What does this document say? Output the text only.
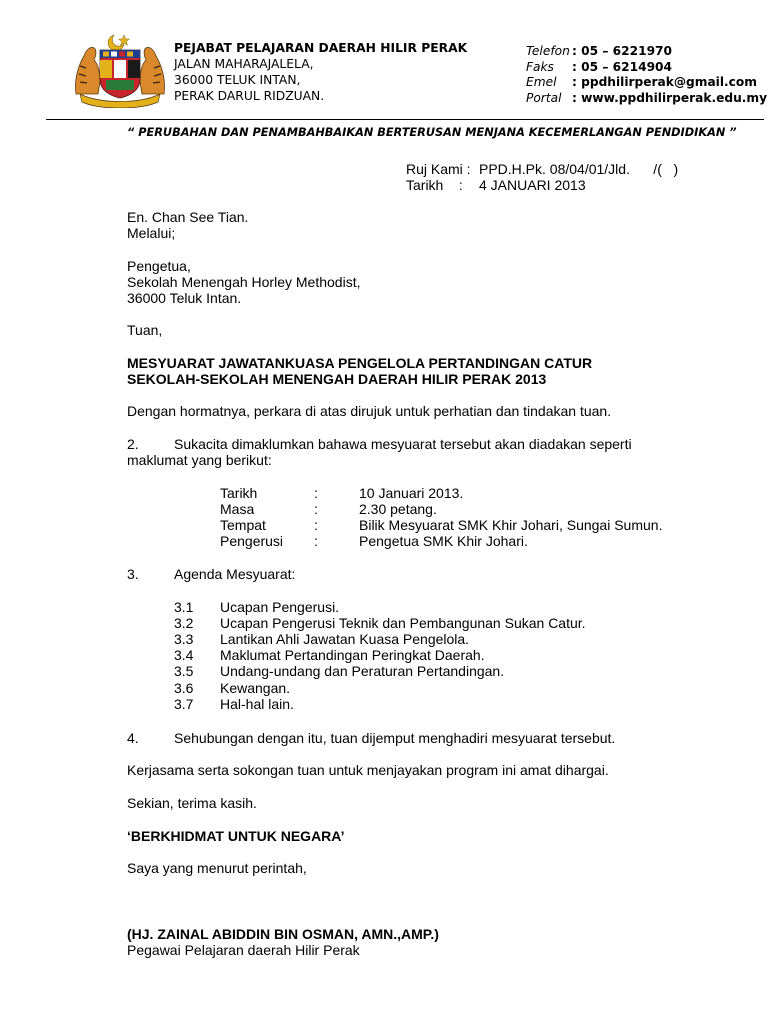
PEJABAT PELAJARAN DAERAH HILIR PERAK
JALAN MAHARAJALELA,
36000 TELUK INTAN,
PERAK DARUL RIDZUAN.
Telefon : 05 – 6221970
Faks : 05 – 6214904
Emel : ppdhilirperak@gmail.com
Portal : www.ppdhilirperak.edu.my
“ PERUBAHAN DAN PENAMBAHBAIKAN BERTERUSAN MENJANA KECEMERLANGAN PENDIDIKAN ”
Ruj Kami : PPD.H.Pk. 08/04/01/Jld.      /(   )
Tarikh    : 4 JANUARI 2013
En. Chan See Tian.
Melalui;
Pengetua,
Sekolah Menengah Horley Methodist,
36000 Teluk Intan.
Tuan,
MESYUARAT JAWATANKUASA PENGELOLA PERTANDINGAN CATUR
SEKOLAH-SEKOLAH MENENGAH DAERAH HILIR PERAK 2013
Dengan hormatnya, perkara di atas dirujuk untuk perhatian dan tindakan tuan.
2.	Sukacita dimaklumkan bahawa mesyuarat tersebut akan diadakan seperti
maklumat yang berikut:
Tarikh	:	10 Januari 2013.
Masa	:	2.30 petang.
Tempat	:	Bilik Mesyuarat SMK Khir Johari, Sungai Sumun.
Pengerusi :	Pengetua SMK Khir Johari.
3.	Agenda Mesyuarat:
3.1 Ucapan Pengerusi.
3.2 Ucapan Pengerusi Teknik dan Pembangunan Sukan Catur.
3.3 Lantikan Ahli Jawatan Kuasa Pengelola.
3.4 Maklumat Pertandingan Peringkat Daerah.
3.5 Undang-undang dan Peraturan Pertandingan.
3.6 Kewangan.
3.7 Hal-hal lain.
4.	Sehubungan dengan itu, tuan dijemput menghadiri mesyuarat tersebut.
Kerjasama serta sokongan tuan untuk menjayakan program ini amat dihargai.
Sekian, terima kasih.
‘BERKHIDMAT UNTUK NEGARA’
Saya yang menurut perintah,
(HJ. ZAINAL ABIDDIN BIN OSMAN, AMN.,AMP.)
Pegawai Pelajaran daerah Hilir Perak
